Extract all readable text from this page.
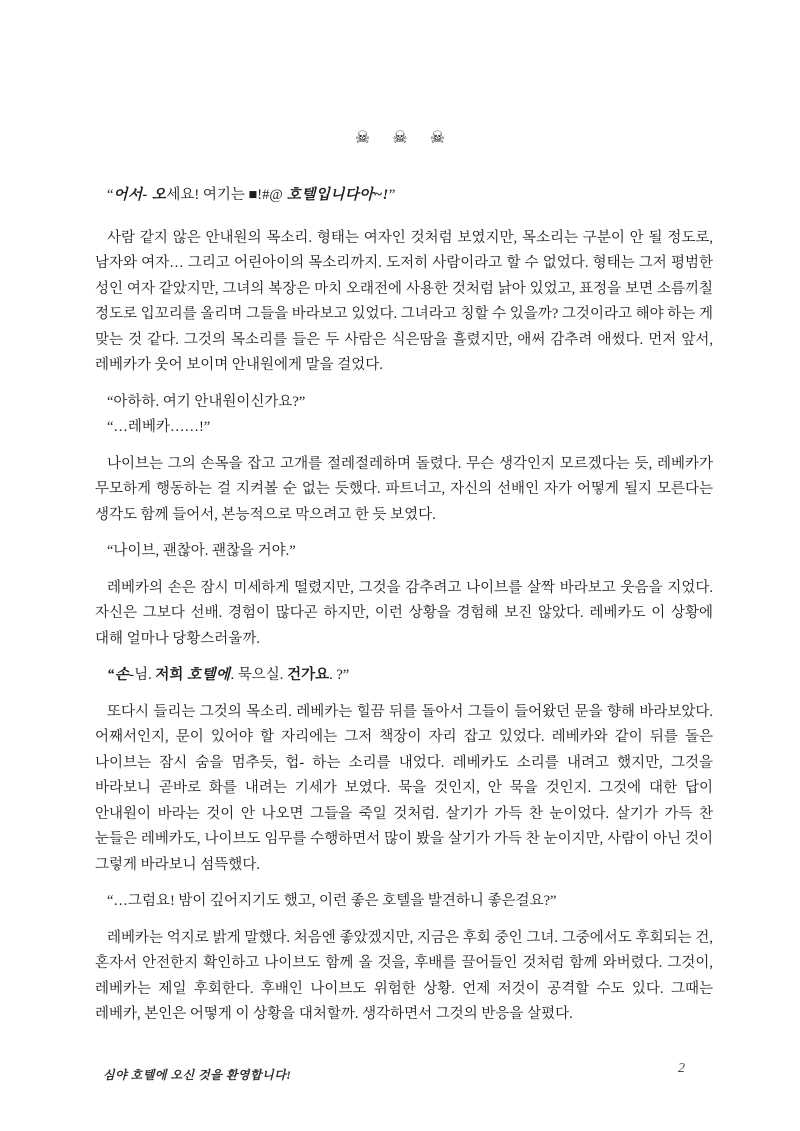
☠ ☠ ☠

“어서- 오세요! 여기는 ■!#@ 호텔입니다아~!”

사람 같지 않은 안내원의 목소리. 형태는 여자인 것처럼 보였지만, 목소리는 구분이 안 될 정도로, 남자와 여자… 그리고 어린아이의 목소리까지. 도저히 사람이라고 할 수 없었다. 형태는 그저 평범한 성인 여자 같았지만, 그녀의 복장은 마치 오래전에 사용한 것처럼 낡아 있었고, 표정을 보면 소름끼칠 정도로 입꼬리를 올리며 그들을 바라보고 있었다. 그녀라고 칭할 수 있을까? 그것이라고 해야 하는 게 맞는 것 같다. 그것의 목소리를 들은 두 사람은 식은땀을 흘렸지만, 애써 감추려 애썼다. 먼저 앞서, 레베카가 웃어 보이며 안내원에게 말을 걸었다.

“아하하. 여기 안내원이신가요?”

“…레베카……!”

나이브는 그의 손목을 잡고 고개를 절레절레하며 돌렸다. 무슨 생각인지 모르겠다는 듯, 레베카가 무모하게 행동하는 걸 지켜볼 순 없는 듯했다. 파트너고, 자신의 선배인 자가 어떻게 될지 모른다는 생각도 함께 들어서, 본능적으로 막으려고 한 듯 보였다.

“나이브, 괜찮아. 괜찮을 거야.”

레베카의 손은 잠시 미세하게 떨렸지만, 그것을 감추려고 나이브를 살짝 바라보고 웃음을 지었다. 자신은 그보다 선배. 경험이 많다곤 하지만, 이런 상황을 경험해 보진 않았다. 레베카도 이 상황에 대해 얼마나 당황스러울까.

“손-님. 저희 호텔에. 묵으실. 건가요. ?”

또다시 들리는 그것의 목소리. 레베카는 힐끔 뒤를 돌아서 그들이 들어왔던 문을 향해 바라보았다. 어째서인지, 문이 있어야 할 자리에는 그저 책장이 자리 잡고 있었다. 레베카와 같이 뒤를 돌은 나이브는 잠시 숨을 멈추듯, 헙- 하는 소리를 내었다. 레베카도 소리를 내려고 했지만, 그것을 바라보니 곧바로 화를 내려는 기세가 보였다. 묵을 것인지, 안 묵을 것인지. 그것에 대한 답이 안내원이 바라는 것이 안 나오면 그들을 죽일 것처럼. 살기가 가득 찬 눈이었다. 살기가 가득 찬 눈들은 레베카도, 나이브도 임무를 수행하면서 많이 봤을 살기가 가득 찬 눈이지만, 사람이 아닌 것이 그렇게 바라보니 섬뜩했다.

“…그럼요! 밤이 깊어지기도 했고, 이런 좋은 호텔을 발견하니 좋은걸요?”

레베카는 억지로 밝게 말했다. 처음엔 좋았겠지만, 지금은 후회 중인 그녀. 그중에서도 후회되는 건, 혼자서 안전한지 확인하고 나이브도 함께 올 것을, 후배를 끌어들인 것처럼 함께 와버렸다. 그것이, 레베카는 제일 후회한다. 후배인 나이브도 위험한 상황. 언제 저것이 공격할 수도 있다. 그때는 레베카, 본인은 어떻게 이 상황을 대처할까. 생각하면서 그것의 반응을 살폈다.

심야 호텔에 오신 것을 환영합니다!	2
